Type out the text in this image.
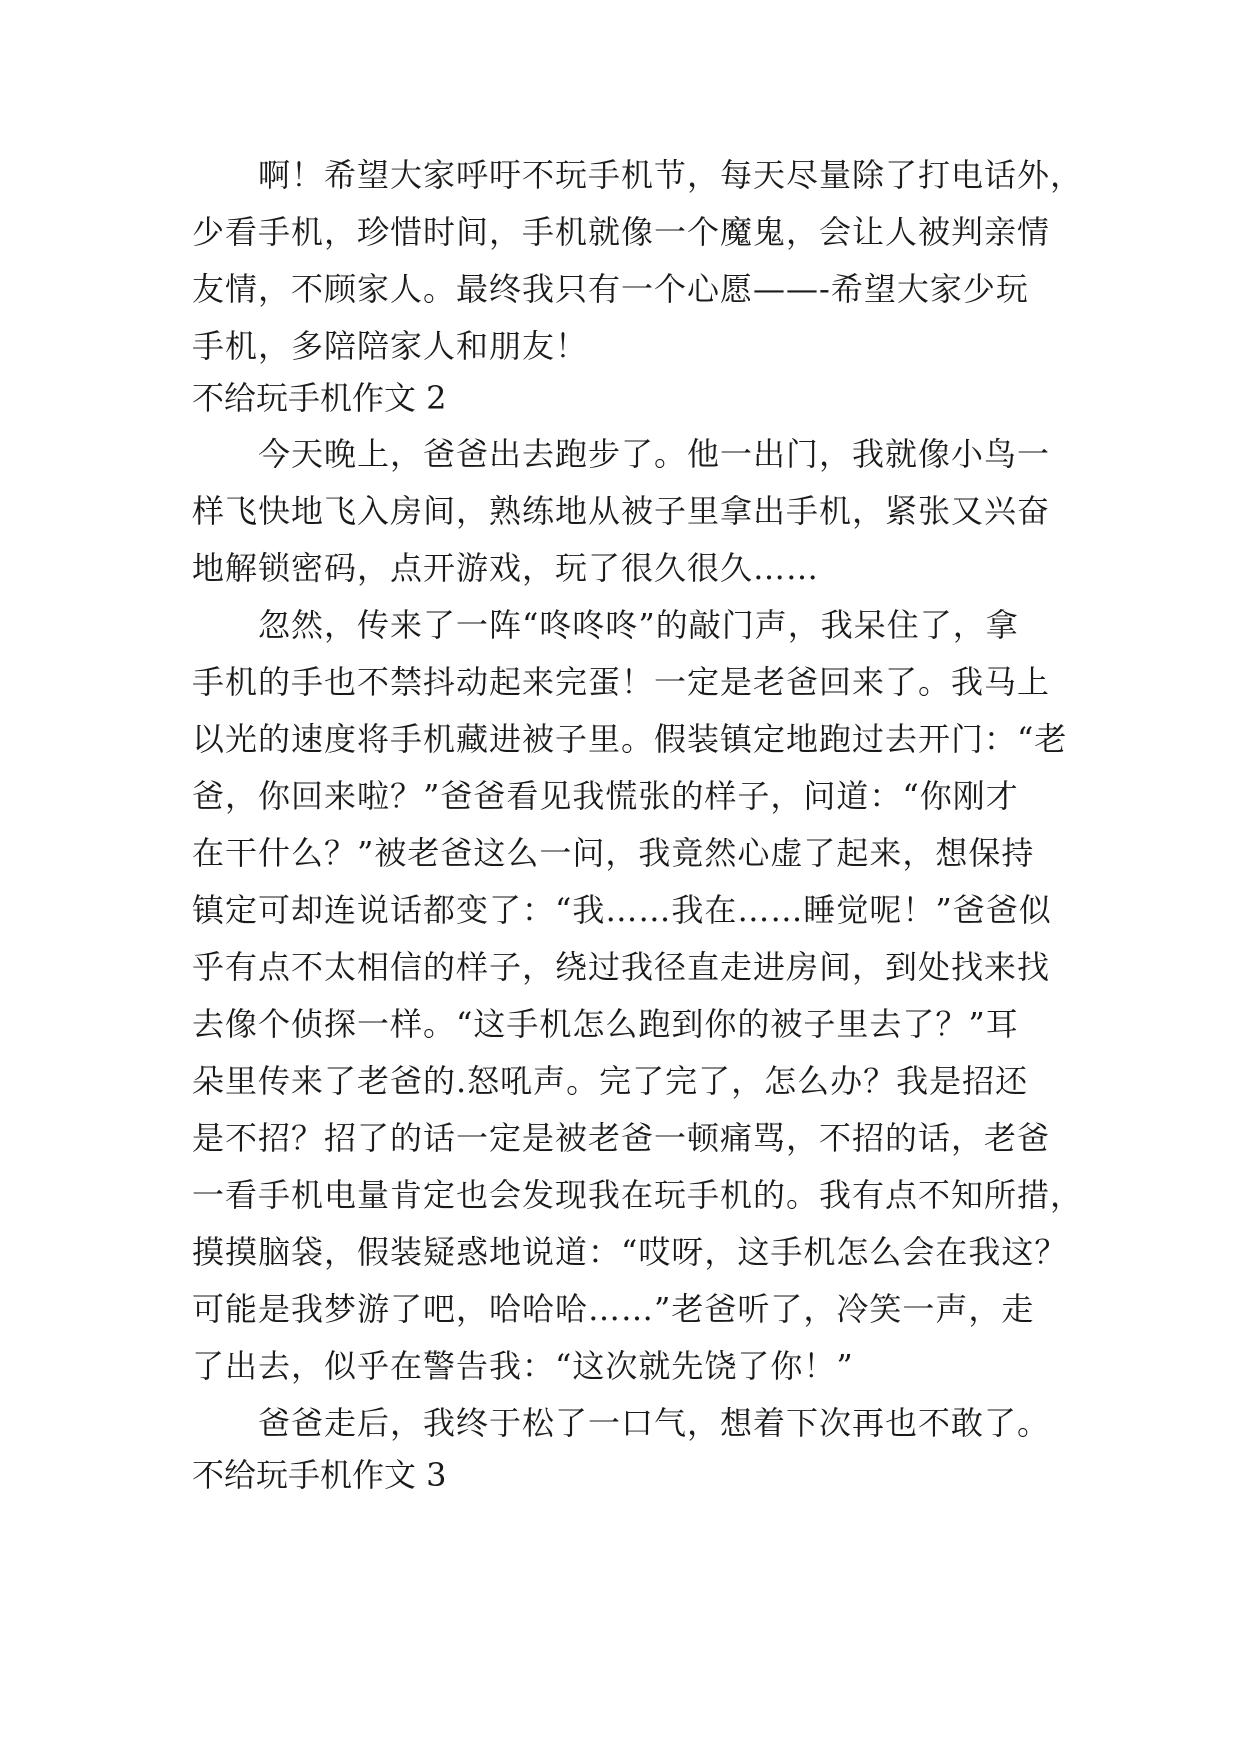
啊！希望大家呼吁不玩手机节，每天尽量除了打电话外，
少看手机，珍惜时间，手机就像一个魔鬼，会让人被判亲情
友情，不顾家人。最终我只有一个心愿——-希望大家少玩
手机，多陪陪家人和朋友！
不给玩手机作文 2
今天晚上，爸爸出去跑步了。他一出门，我就像小鸟一
样飞快地飞入房间，熟练地从被子里拿出手机，紧张又兴奋
地解锁密码，点开游戏，玩了很久很久……
忽然，传来了一阵“咚咚咚”的敲门声，我呆住了，拿
手机的手也不禁抖动起来完蛋！一定是老爸回来了。我马上
以光的速度将手机藏进被子里。假装镇定地跑过去开门：“老
爸，你回来啦？”爸爸看见我慌张的样子，问道：“你刚才
在干什么？”被老爸这么一问，我竟然心虚了起来，想保持
镇定可却连说话都变了：“我……我在……睡觉呢！”爸爸似
乎有点不太相信的样子，绕过我径直走进房间，到处找来找
去像个侦探一样。“这手机怎么跑到你的被子里去了？”耳
朵里传来了老爸的.怒吼声。完了完了，怎么办？我是招还
是不招？招了的话一定是被老爸一顿痛骂，不招的话，老爸
一看手机电量肯定也会发现我在玩手机的。我有点不知所措，
摸摸脑袋，假装疑惑地说道：“哎呀，这手机怎么会在我这？
可能是我梦游了吧，哈哈哈……”老爸听了，冷笑一声，走
了出去，似乎在警告我：“这次就先饶了你！”
爸爸走后，我终于松了一口气，想着下次再也不敢了。
不给玩手机作文 3
